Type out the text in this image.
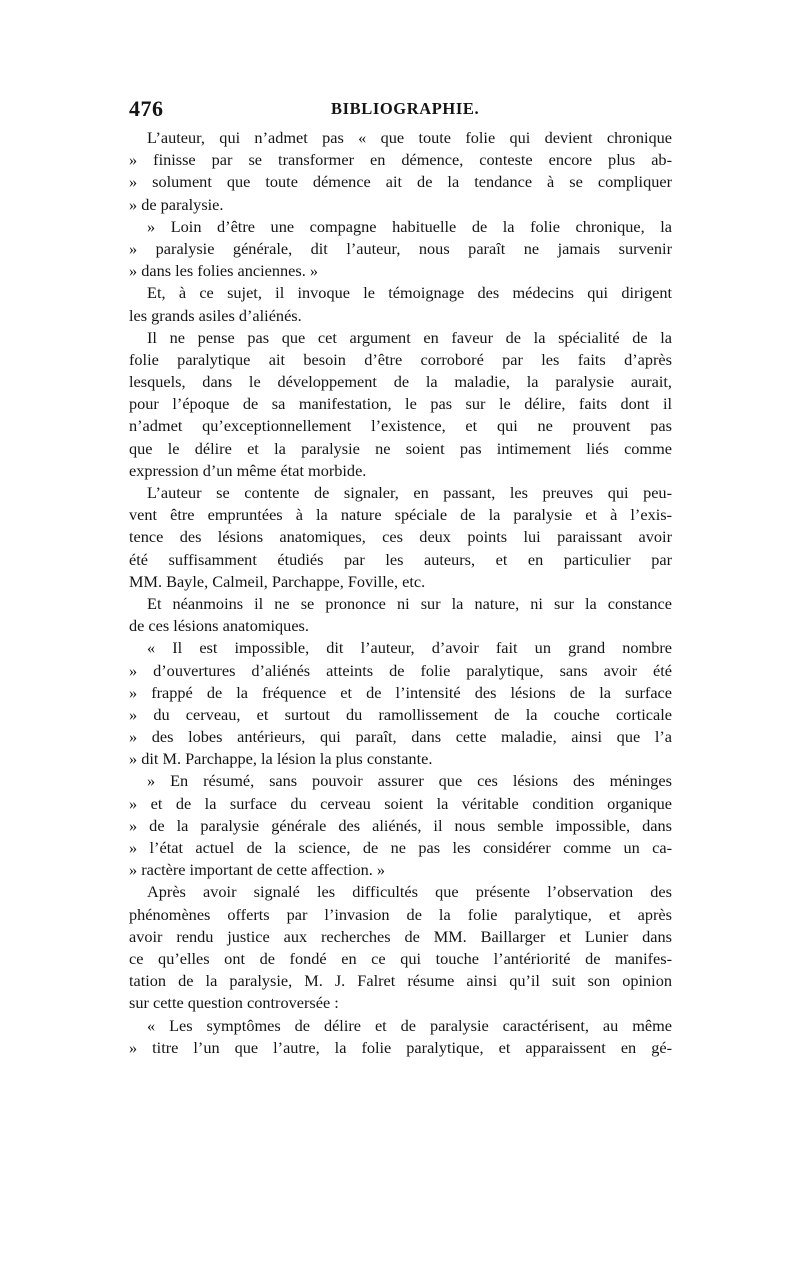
476	BIBLIOGRAPHIE.
L’auteur, qui n’admet pas « que toute folie qui devient chronique
» finisse par se transformer en démence, conteste encore plus ab-
» solument que toute démence ait de la tendance à se compliquer
» de paralysie.
» Loin d’être une compagne habituelle de la folie chronique, la
» paralysie générale, dit l’auteur, nous paraît ne jamais survenir
» dans les folies anciennes. »
Et, à ce sujet, il invoque le témoignage des médecins qui dirigent
les grands asiles d’aliénés.
Il ne pense pas que cet argument en faveur de la spécialité de la
folie paralytique ait besoin d’être corroboré par les faits d’après
lesquels, dans le développement de la maladie, la paralysie aurait,
pour l’époque de sa manifestation, le pas sur le délire, faits dont il
n’admet qu’exceptionnellement l’existence, et qui ne prouvent pas
que le délire et la paralysie ne soient pas intimement liés comme
expression d’un même état morbide.
L’auteur se contente de signaler, en passant, les preuves qui peu-
vent être empruntées à la nature spéciale de la paralysie et à l’exis-
tence des lésions anatomiques, ces deux points lui paraissant avoir
été suffisamment étudiés par les auteurs, et en particulier par
MM. Bayle, Calmeil, Parchappe, Foville, etc.
Et néanmoins il ne se prononce ni sur la nature, ni sur la constance
de ces lésions anatomiques.
« Il est impossible, dit l’auteur, d’avoir fait un grand nombre
» d’ouvertures d’aliénés atteints de folie paralytique, sans avoir été
» frappé de la fréquence et de l’intensité des lésions de la surface
» du cerveau, et surtout du ramollissement de la couche corticale
» des lobes antérieurs, qui paraît, dans cette maladie, ainsi que l’a
» dit M. Parchappe, la lésion la plus constante.
» En résumé, sans pouvoir assurer que ces lésions des méninges
» et de la surface du cerveau soient la véritable condition organique
» de la paralysie générale des aliénés, il nous semble impossible, dans
» l’état actuel de la science, de ne pas les considérer comme un ca-
» ractère important de cette affection. »
Après avoir signalé les difficultés que présente l’observation des
phénomènes offerts par l’invasion de la folie paralytique, et après
avoir rendu justice aux recherches de MM. Baillarger et Lunier dans
ce qu’elles ont de fondé en ce qui touche l’antériorité de manifes-
tation de la paralysie, M. J. Falret résume ainsi qu’il suit son opinion
sur cette question controversée :
« Les symptômes de délire et de paralysie caractérisent, au même
» titre l’un que l’autre, la folie paralytique, et apparaissent en gé-
